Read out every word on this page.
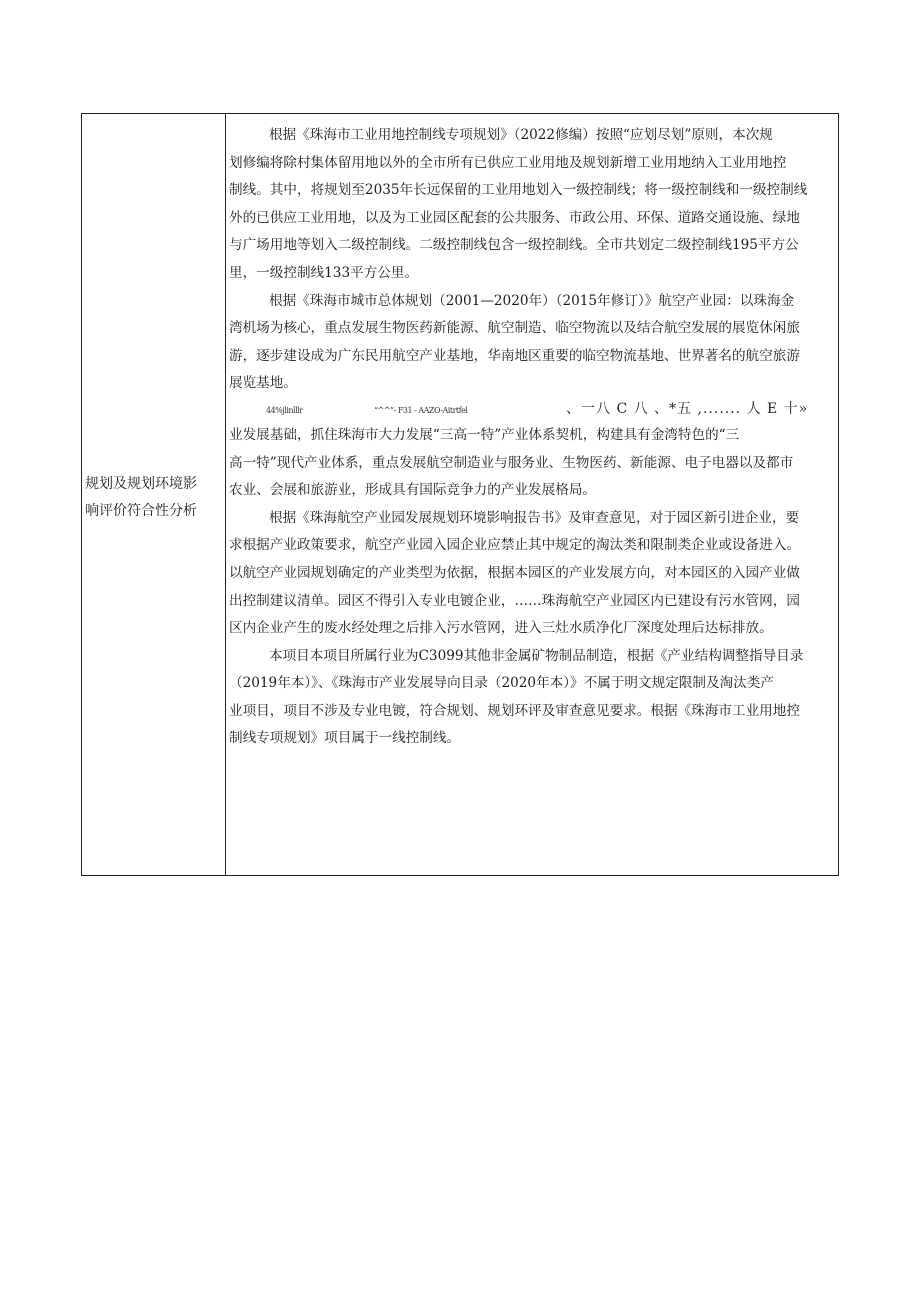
规划及规划环境影
响评价符合性分析
根据《珠海市工业用地控制线专项规划》（2022修编）按照“应划尽划”原则，本次规
划修编将除村集体留用地以外的全市所有已供应工业用地及规划新增工业用地纳入工业用地控
制线。其中，将规划至2035年长远保留的工业用地划入一级控制线；将一级控制线和一级控制线
外的已供应工业用地，以及为工业园区配套的公共服务、市政公用、环保、道路交通设施、绿地
与广场用地等划入二级控制线。二级控制线包含一级控制线。全市共划定二级控制线195平方公
里，一级控制线133平方公里。
根据《珠海市城市总体规划（2001—2020年）（2015年修订）》航空产业园：以珠海金
湾机场为核心，重点发展生物医药新能源、航空制造、临空物流以及结合航空发展的展览休闲旅
游，逐步建设成为广东民用航空产业基地，华南地区重要的临空物流基地、世界著名的航空旅游
展览基地。
44%jlinlllr	“^^”- F31 - AAZO-Aitrtfel	、一八 C 八 、*五 ,....... 人 E 十»
业发展基础，抓住珠海市大力发展“三高一特”产业体系契机，构建具有金湾特色的“三
高一特”现代产业体系，重点发展航空制造业与服务业、生物医药、新能源、电子电器以及都市
农业、会展和旅游业，形成具有国际竞争力的产业发展格局。
根据《珠海航空产业园发展规划环境影响报告书》及审查意见，对于园区新引进企业，要
求根据产业政策要求，航空产业园入园企业应禁止其中规定的淘汰类和限制类企业或设备进入。
以航空产业园规划确定的产业类型为依据，根据本园区的产业发展方向，对本园区的入园产业做
出控制建议清单。园区不得引入专业电镀企业，……珠海航空产业园区内已建设有污水管网，园
区内企业产生的废水经处理之后排入污水管网，进入三灶水质净化厂深度处理后达标排放。
本项目本项目所属行业为C3099其他非金属矿物制品制造，根据《产业结构调整指导目录
（2019年本）》、《珠海市产业发展导向目录（2020年本）》不属于明文规定限制及淘汰类产
业项目，项目不涉及专业电镀，符合规划、规划环评及审查意见要求。根据《珠海市工业用地控
制线专项规划》项目属于一线控制线。
